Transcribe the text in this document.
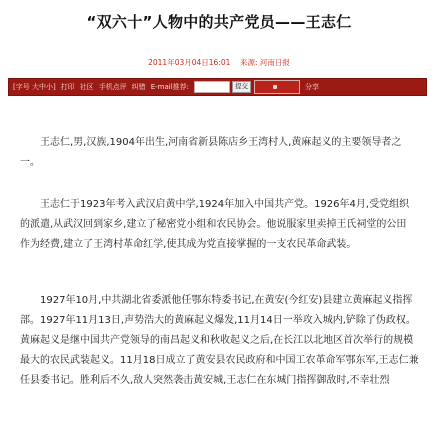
“双六十”人物中的共产党员——王志仁
2011年03月04日16:01 来源: 河南日报
[字号 大中小] 打印 社区 手机点评 纠错 E-mail推荐:	提交	分享

王志仁,男,汉族,1904年出生,河南省新县陈店乡王湾村人,黄麻起义的主要领导者之一。

王志仁于1923年考入武汉启黄中学,1924年加入中国共产党。1926年4月,受党组织的派遣,从武汉回到家乡,建立了秘密党小组和农民协会。他说服家里卖掉王氏祠堂的公田作为经费,建立了王湾村革命红学,使其成为党直接掌握的一支农民革命武装。

1927年10月,中共湖北省委派他任鄂东特委书记,在黄安(今红安)县建立黄麻起义指挥部。1927年11月13日,声势浩大的黄麻起义爆发,11月14日一举攻入城内,铲除了伪政权。黄麻起义是继中国共产党领导的南昌起义和秋收起义之后,在长江以北地区首次举行的规模最大的农民武装起义。11月18日成立了黄安县农民政府和中国工农革命军鄂东军,王志仁兼任县委书记。胜利后不久,敌人突然袭击黄安城,王志仁在东城门指挥御敌时,不幸壮烈
